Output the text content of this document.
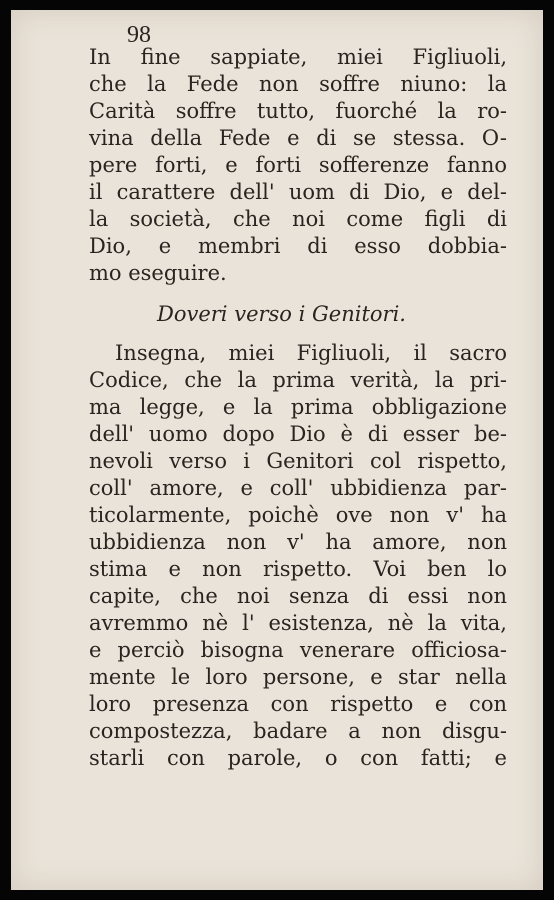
98
In fine sappiate, miei Figliuoli,
che la Fede non soffre niuno: la
Carità soffre tutto, fuorché la ro-
vina della Fede e di se stessa. O-
pere forti, e forti sofferenze fanno
il carattere dell' uom di Dio, e del-
la società, che noi come figli di
Dio, e membri di esso dobbia-
mo eseguire.
Doveri verso i Genitori.
Insegna, miei Figliuoli, il sacro
Codice, che la prima verità, la pri-
ma legge, e la prima obbligazione
dell' uomo dopo Dio è di esser be-
nevoli verso i Genitori col rispetto,
coll' amore, e coll' ubbidienza par-
ticolarmente, poichè ove non v' ha
ubbidienza non v' ha amore, non
stima e non rispetto. Voi ben lo
capite, che noi senza di essi non
avremmo nè l' esistenza, nè la vita,
e perciò bisogna venerare officiosa-
mente le loro persone, e star nella
loro presenza con rispetto e con
compostezza, badare a non disgu-
starli con parole, o con fatti; e
